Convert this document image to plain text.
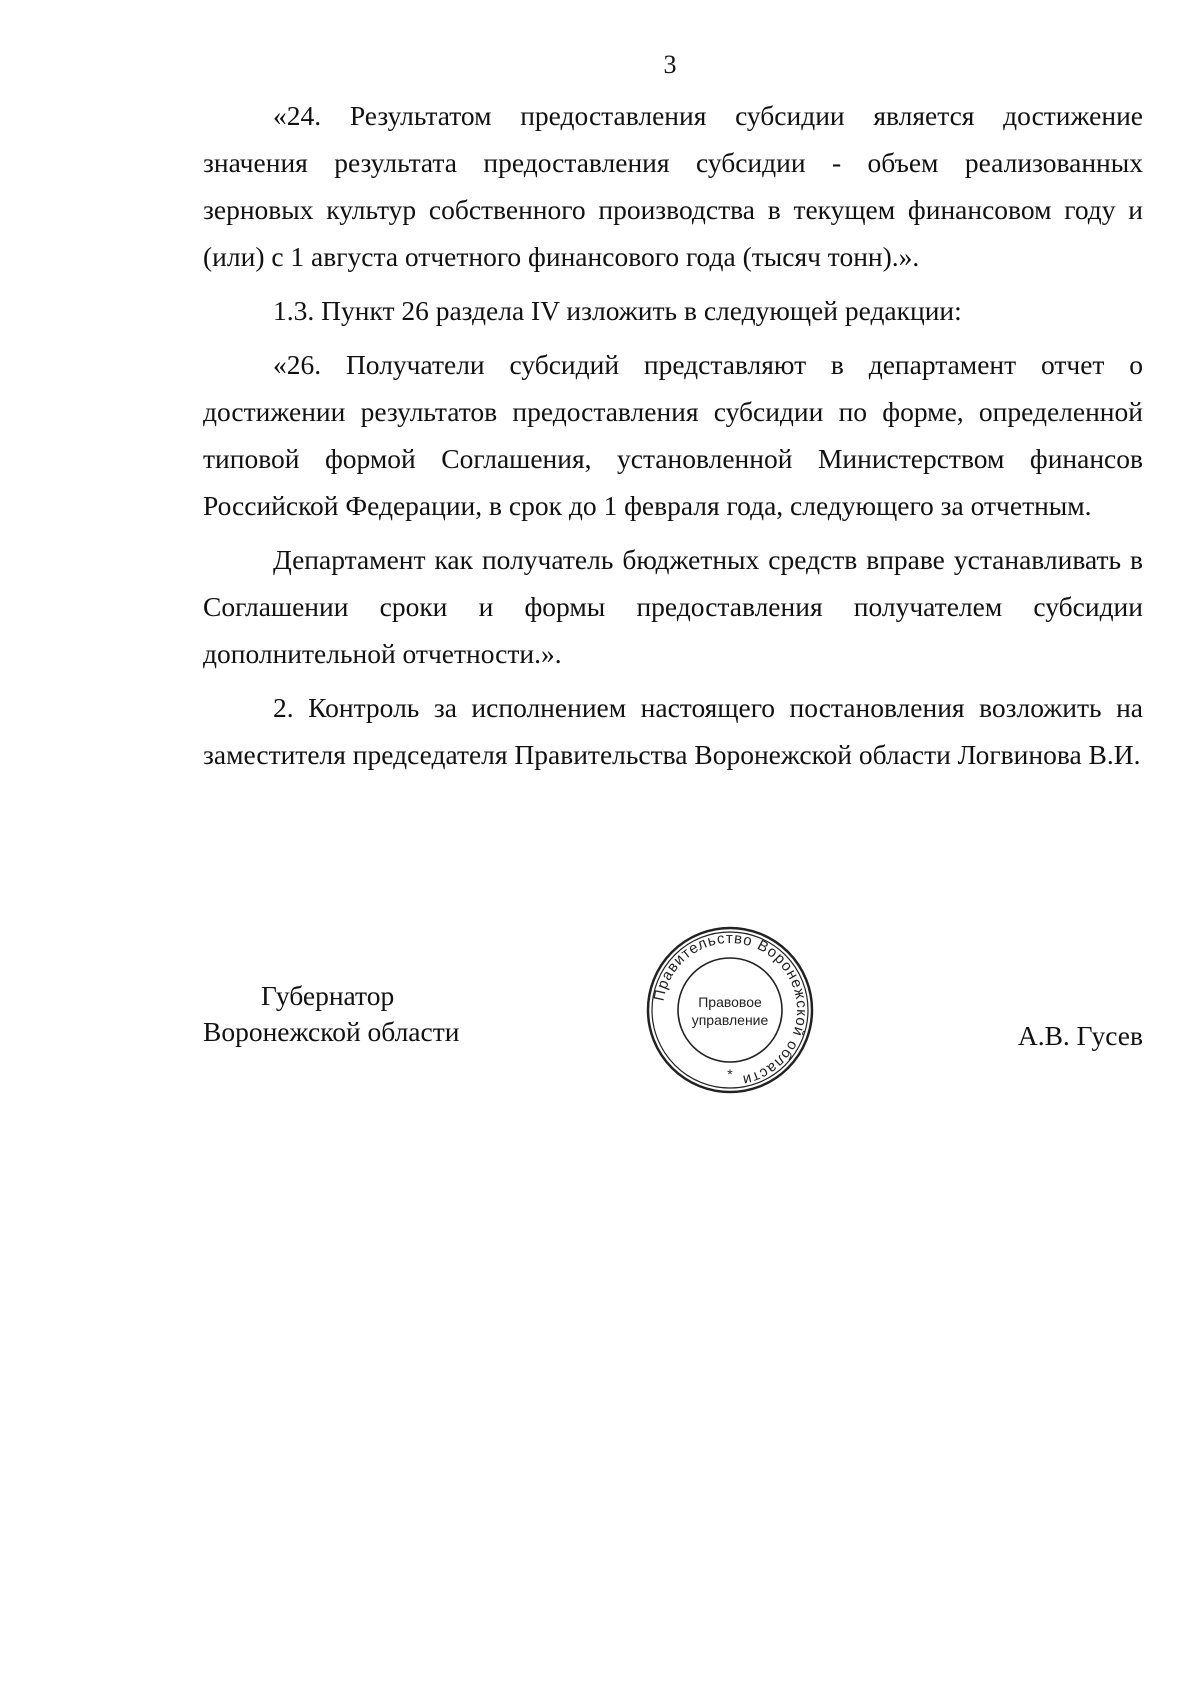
3

«24. Результатом предоставления субсидии является достижение значения результата предоставления субсидии - объем реализованных зерновых культур собственного производства в текущем финансовом году и (или) с 1 августа отчетного финансового года (тысяч тонн).».

1.3. Пункт 26 раздела IV изложить в следующей редакции:

«26. Получатели субсидий представляют в департамент отчет о достижении результатов предоставления субсидии по форме, определенной типовой формой Соглашения, установленной Министерством финансов Российской Федерации, в срок до 1 февраля года, следующего за отчетным.

Департамент как получатель бюджетных средств вправе устанавливать в Соглашении сроки и формы предоставления получателем субсидии дополнительной отчетности.».

2. Контроль за исполнением настоящего постановления возложить на заместителя председателя Правительства Воронежской области Логвинова В.И.

Губернатор
Воронежской области
Правительство Воронежской области
Правовое
управление
*
А.В. Гусев
